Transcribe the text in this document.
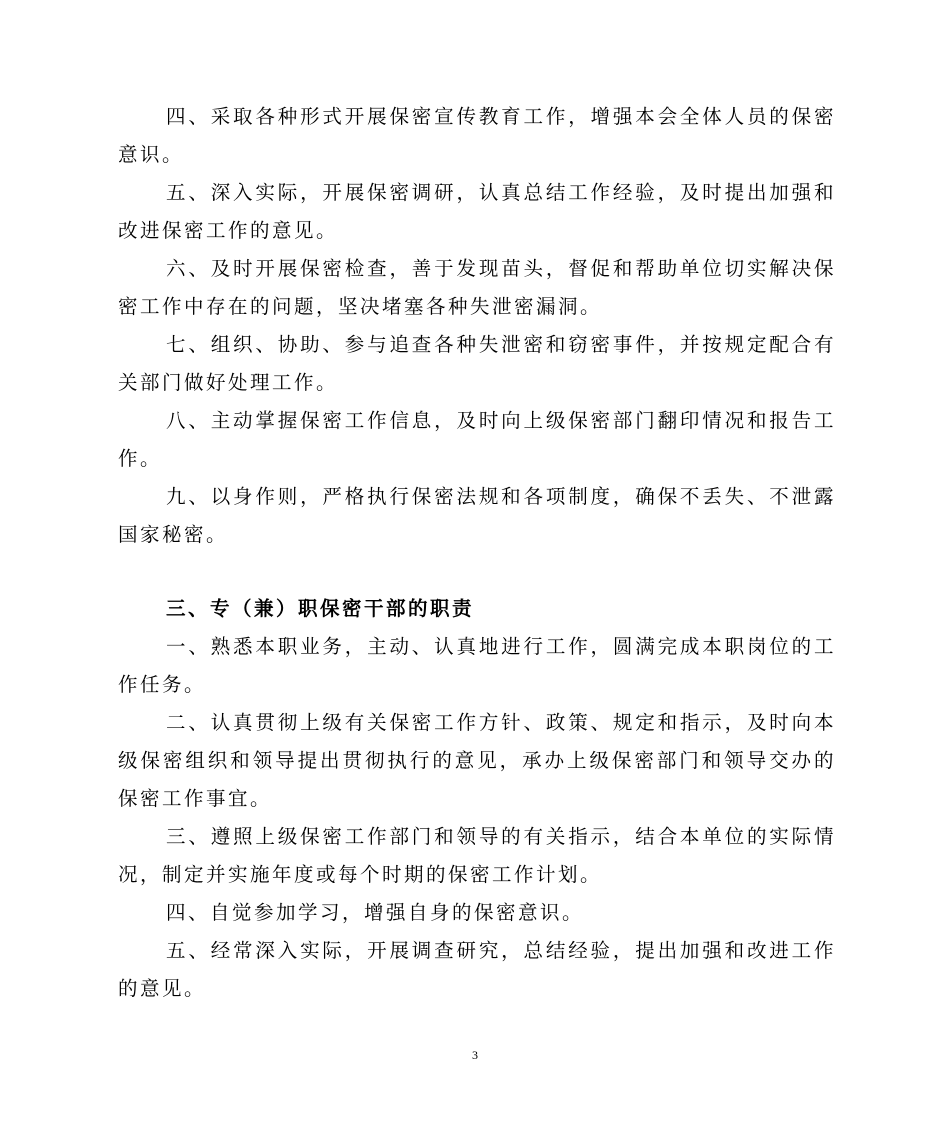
四、采取各种形式开展保密宣传教育工作，增强本会全体人员的保密意识。

五、深入实际，开展保密调研，认真总结工作经验，及时提出加强和改进保密工作的意见。

六、及时开展保密检查，善于发现苗头，督促和帮助单位切实解决保密工作中存在的问题，坚决堵塞各种失泄密漏洞。

七、组织、协助、参与追查各种失泄密和窃密事件，并按规定配合有关部门做好处理工作。

八、主动掌握保密工作信息，及时向上级保密部门翻印情况和报告工作。

九、以身作则，严格执行保密法规和各项制度，确保不丢失、不泄露国家秘密。

三、专（兼）职保密干部的职责

一、熟悉本职业务，主动、认真地进行工作，圆满完成本职岗位的工作任务。

二、认真贯彻上级有关保密工作方针、政策、规定和指示，及时向本级保密组织和领导提出贯彻执行的意见，承办上级保密部门和领导交办的保密工作事宜。

三、遵照上级保密工作部门和领导的有关指示，结合本单位的实际情况，制定并实施年度或每个时期的保密工作计划。

四、自觉参加学习，增强自身的保密意识。

五、经常深入实际，开展调查研究，总结经验，提出加强和改进工作的意见。

3
